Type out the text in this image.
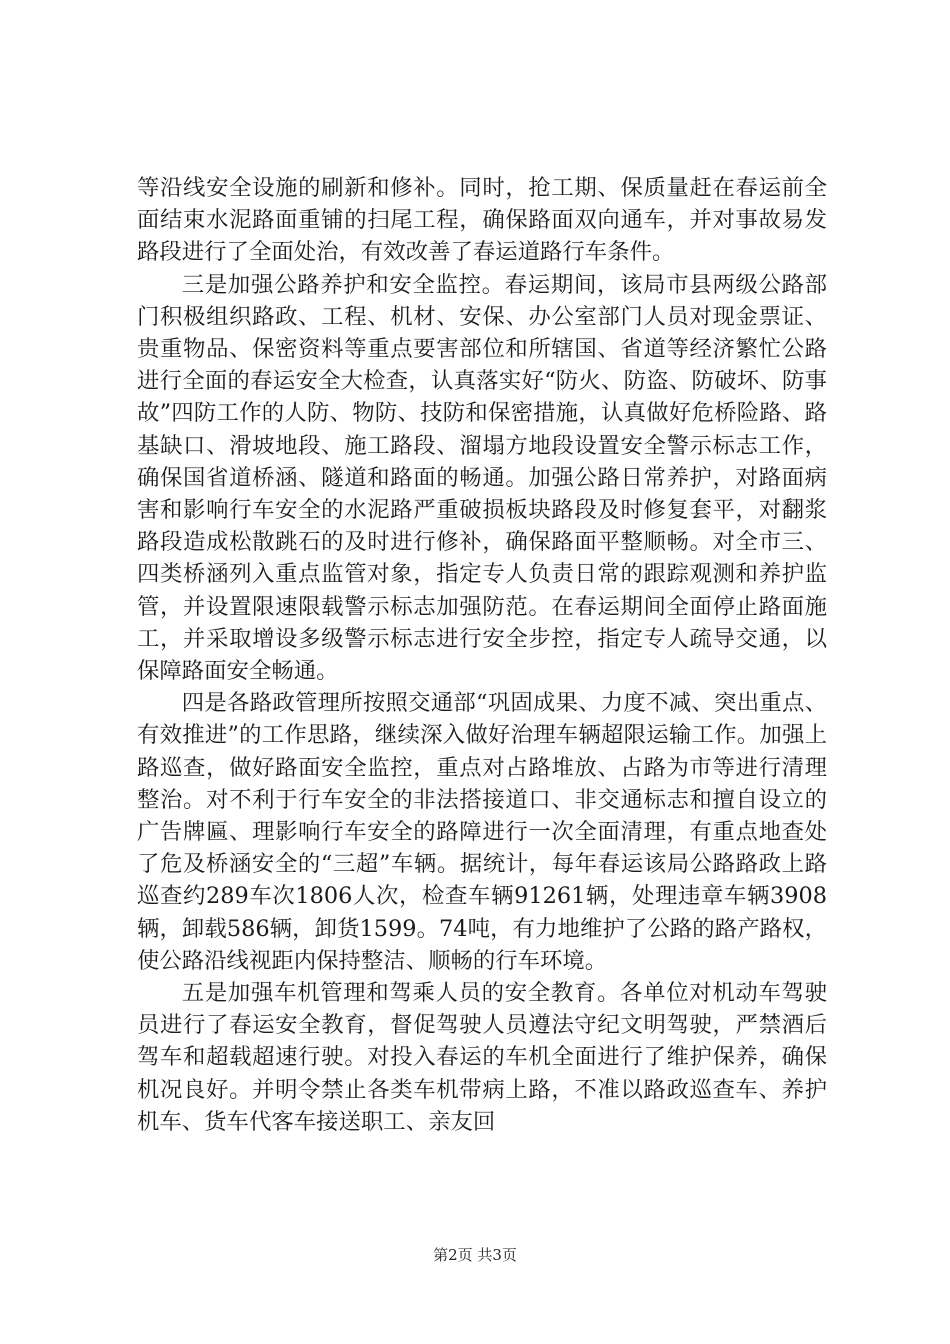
等沿线安全设施的刷新和修补。同时，抢工期、保质量赶在春运前全面结束水泥路面重铺的扫尾工程，确保路面双向通车，并对事故易发路段进行了全面处治，有效改善了春运道路行车条件。

三是加强公路养护和安全监控。春运期间，该局市县两级公路部门积极组织路政、工程、机材、安保、办公室部门人员对现金票证、贵重物品、保密资料等重点要害部位和所辖国、省道等经济繁忙公路进行全面的春运安全大检查，认真落实好“防火、防盗、防破坏、防事故”四防工作的人防、物防、技防和保密措施，认真做好危桥险路、路基缺口、滑坡地段、施工路段、溜塌方地段设置安全警示标志工作，确保国省道桥涵、隧道和路面的畅通。加强公路日常养护，对路面病害和影响行车安全的水泥路严重破损板块路段及时修复套平，对翻浆路段造成松散跳石的及时进行修补，确保路面平整顺畅。对全市三、四类桥涵列入重点监管对象，指定专人负责日常的跟踪观测和养护监管，并设置限速限载警示标志加强防范。在春运期间全面停止路面施工，并采取增设多级警示标志进行安全步控，指定专人疏导交通，以保障路面安全畅通。

四是各路政管理所按照交通部“巩固成果、力度不减、突出重点、有效推进”的工作思路，继续深入做好治理车辆超限运输工作。加强上路巡查，做好路面安全监控，重点对占路堆放、占路为市等进行清理整治。对不利于行车安全的非法搭接道口、非交通标志和擅自设立的广告牌匾、理影响行车安全的路障进行一次全面清理，有重点地查处了危及桥涵安全的“三超”车辆。据统计，每年春运该局公路路政上路巡查约289车次1806人次，检查车辆91261辆，处理违章车辆3908辆，卸载586辆，卸货1599。74吨，有力地维护了公路的路产路权，使公路沿线视距内保持整洁、顺畅的行车环境。

五是加强车机管理和驾乘人员的安全教育。各单位对机动车驾驶员进行了春运安全教育，督促驾驶人员遵法守纪文明驾驶，严禁酒后驾车和超载超速行驶。对投入春运的车机全面进行了维护保养，确保机况良好。并明令禁止各类车机带病上路，不准以路政巡查车、养护机车、货车代客车接送职工、亲友回

第2页 共3页
